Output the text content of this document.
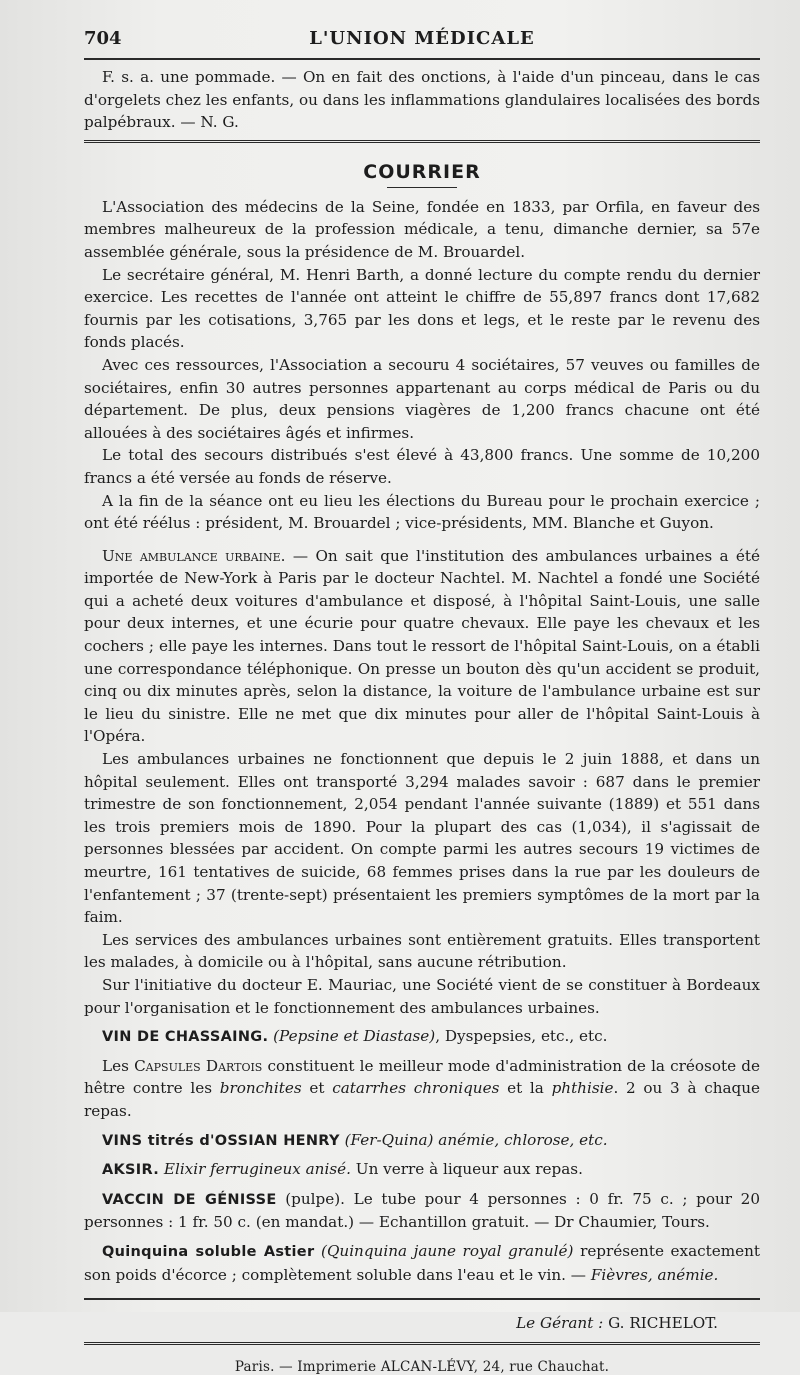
704	L'UNION MÉDICALE

F. s. a. une pommade. — On en fait des onctions, à l'aide d'un pinceau, dans le cas d'orgelets chez les enfants, ou dans les inflammations glandulaires localisées des bords palpébraux. — N. G.

COURRIER

L'Association des médecins de la Seine, fondée en 1833, par Orfila, en faveur des membres malheureux de la profession médicale, a tenu, dimanche dernier, sa 57e assemblée générale, sous la présidence de M. Brouardel.

Le secrétaire général, M. Henri Barth, a donné lecture du compte rendu du dernier exercice. Les recettes de l'année ont atteint le chiffre de 55,897 francs dont 17,682 fournis par les cotisations, 3,765 par les dons et legs, et le reste par le revenu des fonds placés.

Avec ces ressources, l'Association a secouru 4 sociétaires, 57 veuves ou familles de sociétaires, enfin 30 autres personnes appartenant au corps médical de Paris ou du département. De plus, deux pensions viagères de 1,200 francs chacune ont été allouées à des sociétaires âgés et infirmes.

Le total des secours distribués s'est élevé à 43,800 francs. Une somme de 10,200 francs a été versée au fonds de réserve.

A la fin de la séance ont eu lieu les élections du Bureau pour le prochain exercice ; ont été réélus : président, M. Brouardel ; vice-présidents, MM. Blanche et Guyon.

Une ambulance urbaine. — On sait que l'institution des ambulances urbaines a été importée de New-York à Paris par le docteur Nachtel. M. Nachtel a fondé une Société qui a acheté deux voitures d'ambulance et disposé, à l'hôpital Saint-Louis, une salle pour deux internes, et une écurie pour quatre chevaux. Elle paye les chevaux et les cochers ; elle paye les internes. Dans tout le ressort de l'hôpital Saint-Louis, on a établi une correspondance téléphonique. On presse un bouton dès qu'un accident se produit, cinq ou dix minutes après, selon la distance, la voiture de l'ambulance urbaine est sur le lieu du sinistre. Elle ne met que dix minutes pour aller de l'hôpital Saint-Louis à l'Opéra.

Les ambulances urbaines ne fonctionnent que depuis le 2 juin 1888, et dans un hôpital seulement. Elles ont transporté 3,294 malades savoir : 687 dans le premier trimestre de son fonctionnement, 2,054 pendant l'année suivante (1889) et 551 dans les trois premiers mois de 1890. Pour la plupart des cas (1,034), il s'agissait de personnes blessées par accident. On compte parmi les autres secours 19 victimes de meurtre, 161 tentatives de suicide, 68 femmes prises dans la rue par les douleurs de l'enfantement ; 37 (trente-sept) présentaient les premiers symptômes de la mort par la faim.

Les services des ambulances urbaines sont entièrement gratuits. Elles transportent les malades, à domicile ou à l'hôpital, sans aucune rétribution.

Sur l'initiative du docteur E. Mauriac, une Société vient de se constituer à Bordeaux pour l'organisation et le fonctionnement des ambulances urbaines.

VIN DE CHASSAING. (Pepsine et Diastase), Dyspepsies, etc., etc.

Les Capsules Dartois constituent le meilleur mode d'administration de la créosote de hêtre contre les bronchites et catarrhes chroniques et la phthisie. 2 ou 3 à chaque repas.

VINS titrés d'OSSIAN HENRY (Fer-Quina) anémie, chlorose, etc.

AKSIR. Elixir ferrugineux anisé. Un verre à liqueur aux repas.

VACCIN DE GÉNISSE (pulpe). Le tube pour 4 personnes : 0 fr. 75 c. ; pour 20 personnes : 1 fr. 50 c. (en mandat.) — Echantillon gratuit. — Dr Chaumier, Tours.

Quinquina soluble Astier (Quinquina jaune royal granulé) représente exactement son poids d'écorce ; complètement soluble dans l'eau et le vin. — Fièvres, anémie.

Le Gérant : G. RICHELOT.
Paris. — Imprimerie ALCAN-LÉVY, 24, rue Chauchat.
